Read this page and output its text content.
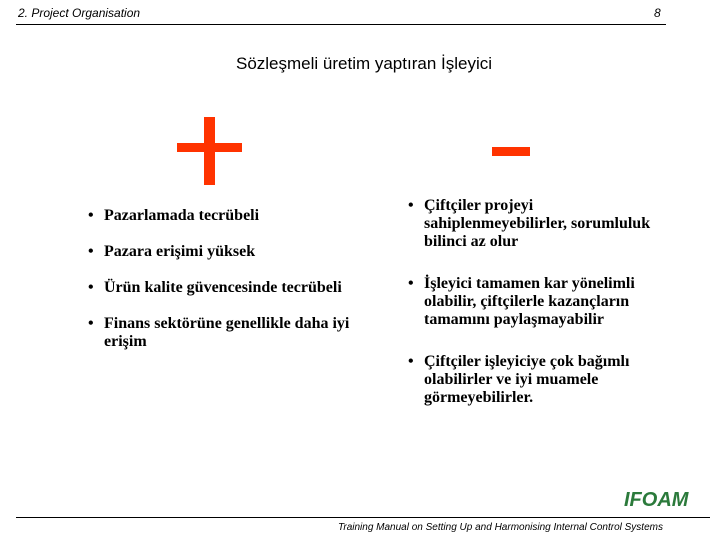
2. Project Organisation	8
Sözleşmeli üretim yaptıran İşleyici
• Pazarlamada tecrübeli
• Pazara erişimi yüksek
• Ürün kalite güvencesinde tecrübeli
• Finans sektörüne genellikle daha iyi erişim
• Çiftçiler projeyi sahiplenmeyebilirler, sorumluluk bilinci az olur
• İşleyici tamamen kar yönelimli olabilir, çiftçilerle kazançların tamamını paylaşmayabilir
• Çiftçiler işleyiciye çok bağımlı olabilirler ve iyi muamele görmeyebilirler.
IFOAM
Training Manual on Setting Up and Harmonising Internal Control Systems
